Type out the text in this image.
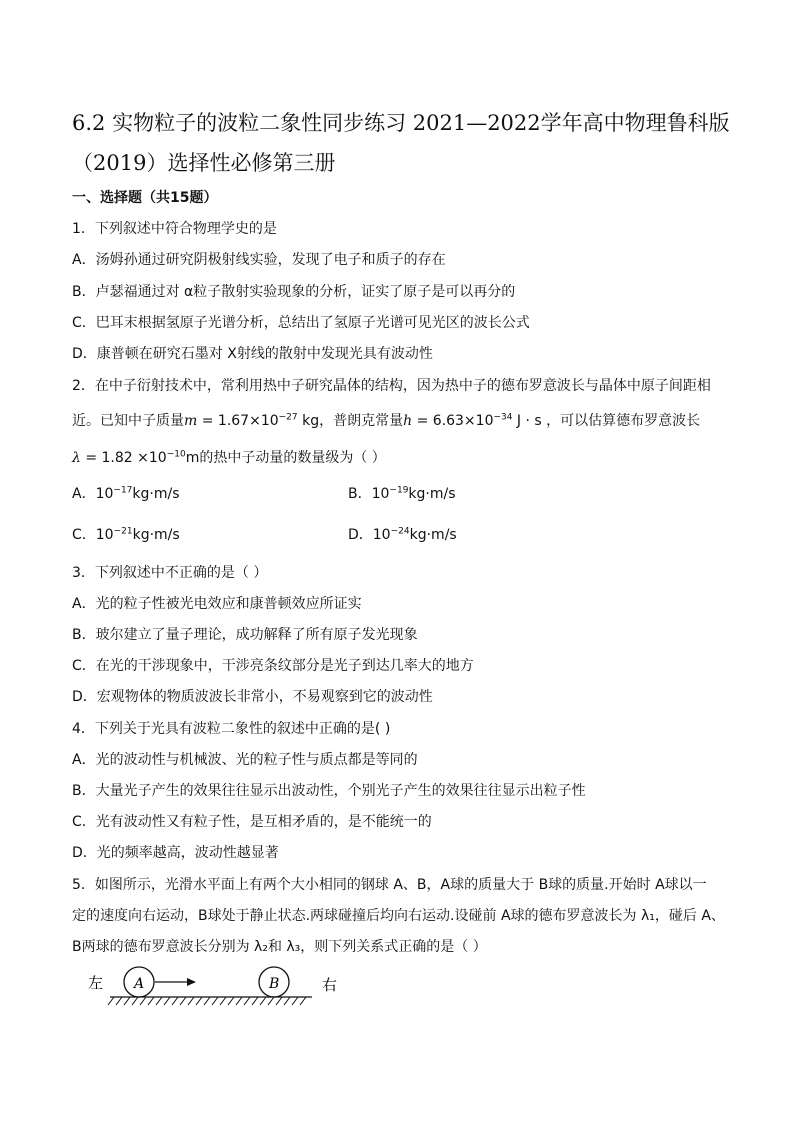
6.2 实物粒子的波粒二象性同步练习 2021—2022学年高中物理鲁科版（2019）选择性必修第三册
一、选择题（共15题）
1．下列叙述中符合物理学史的是
A．汤姆孙通过研究阴极射线实验，发现了电子和质子的存在
B．卢瑟福通过对 α粒子散射实验现象的分析，证实了原子是可以再分的
C．巴耳末根据氢原子光谱分析，总结出了氢原子光谱可见光区的波长公式
D．康普顿在研究石墨对 X射线的散射中发现光具有波动性
2．在中子衍射技术中，常利用热中子研究晶体的结构，因为热中子的德布罗意波长与晶体中原子间距相
近。已知中子质量$m = 1.67\times 10^{-27}$ kg，普朗克常量$h = 6.63\times 10^{-34}$ J · s ，可以估算德布罗意波长
$\lambda = 1.82 \times 10^{-10}m$的热中子动量的数量级为（ ）
A．$10^{-17}kg\cdot m/s$	B．$10^{-19}kg\cdot m/s$
C．$10^{-21}kg\cdot m/s$	D．$10^{-24}kg\cdot m/s$
3．下列叙述中不正确的是（ ）
A．光的粒子性被光电效应和康普顿效应所证实
B．玻尔建立了量子理论，成功解释了所有原子发光现象
C．在光的干涉现象中，干涉亮条纹部分是光子到达几率大的地方
D．宏观物体的物质波波长非常小，不易观察到它的波动性
4．下列关于光具有波粒二象性的叙述中正确的是( )
A．光的波动性与机械波、光的粒子性与质点都是等同的
B．大量光子产生的效果往往显示出波动性，个别光子产生的效果往往显示出粒子性
C．光有波动性又有粒子性，是互相矛盾的，是不能统一的
D．光的频率越高，波动性越显著
5．如图所示，光滑水平面上有两个大小相同的钢球 A、B，A球的质量大于 B球的质量.开始时 A球以一
定的速度向右运动，B球处于静止状态.两球碰撞后均向右运动.设碰前 A球的德布罗意波长为 λ₁，碰后 A、
B两球的德布罗意波长分别为 λ₂和 λ₃，则下列关系式正确的是（ ）
左 A	B	右
